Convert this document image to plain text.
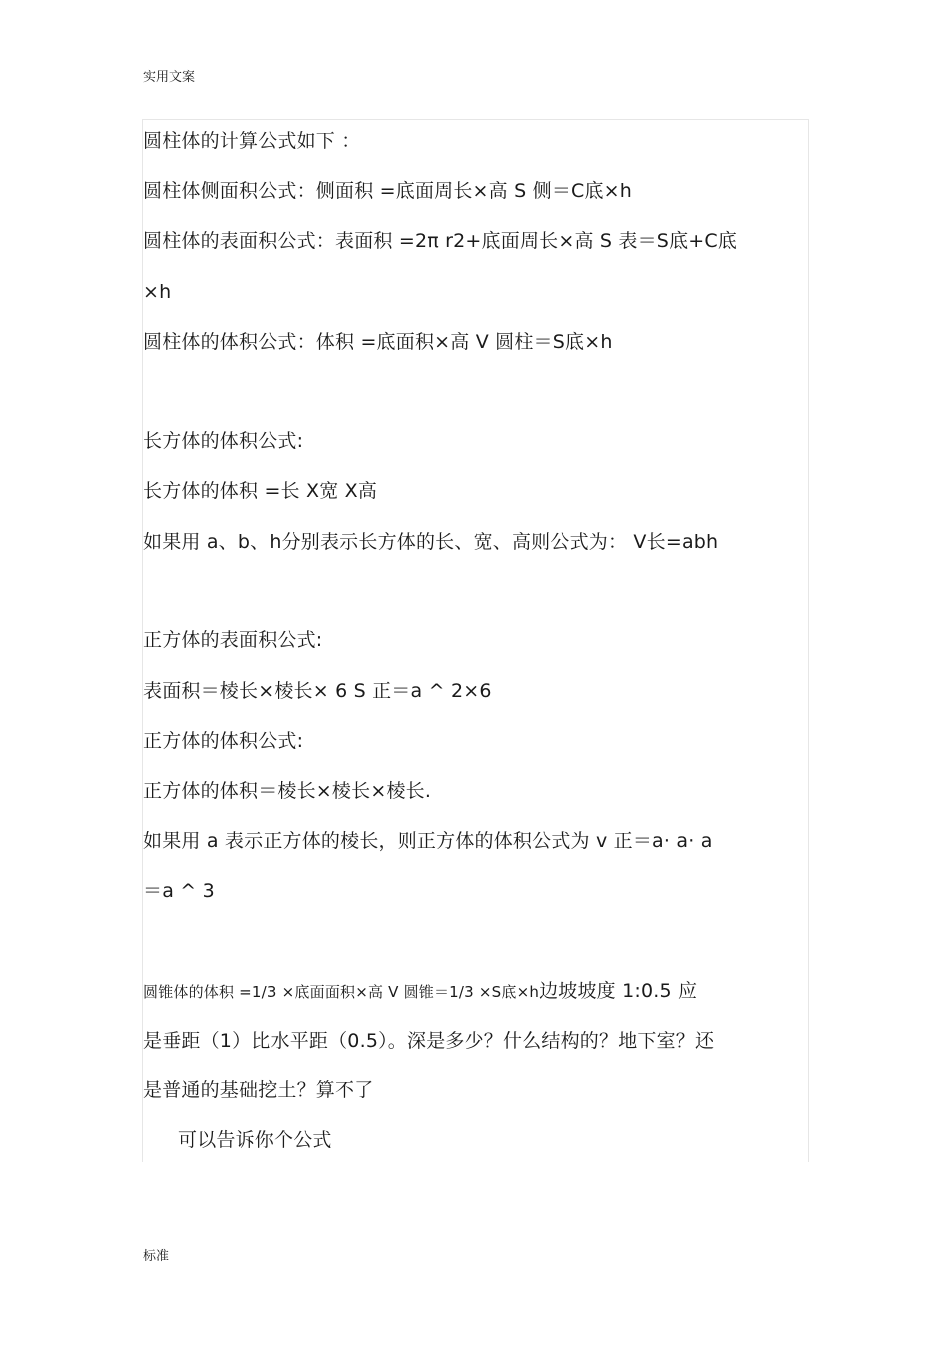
实用文案
圆柱体的计算公式如下 ：
圆柱体侧面积公式：侧面积 =底面周长×高 S 侧＝C底×h
圆柱体的表面积公式：表面积 =2π r2+底面周长×高 S 表＝S底+C底
×h
圆柱体的体积公式：体积 =底面积×高 V 圆柱＝S底×h
长方体的体积公式:
长方体的体积 =长 X宽 X高
如果用 a、b、h分别表示长方体的长、宽、高则公式为： V长=abh
正方体的表面积公式:
表面积＝棱长×棱长× 6 S 正＝a ^ 2×6
正方体的体积公式:
正方体的体积＝棱长×棱长×棱长.
如果用 a 表示正方体的棱长，则正方体的体积公式为 v 正＝a· a· a
＝a ^ 3
圆锥体的体积 =1/3 ×底面面积×高 V 圆锥＝1/3 ×S底×h边坡坡度 1:0.5 应
是垂距（1）比水平距（0.5）。深是多少？什么结构的？地下室？还
是普通的基础挖土？算不了
可以告诉你个公式
标准
